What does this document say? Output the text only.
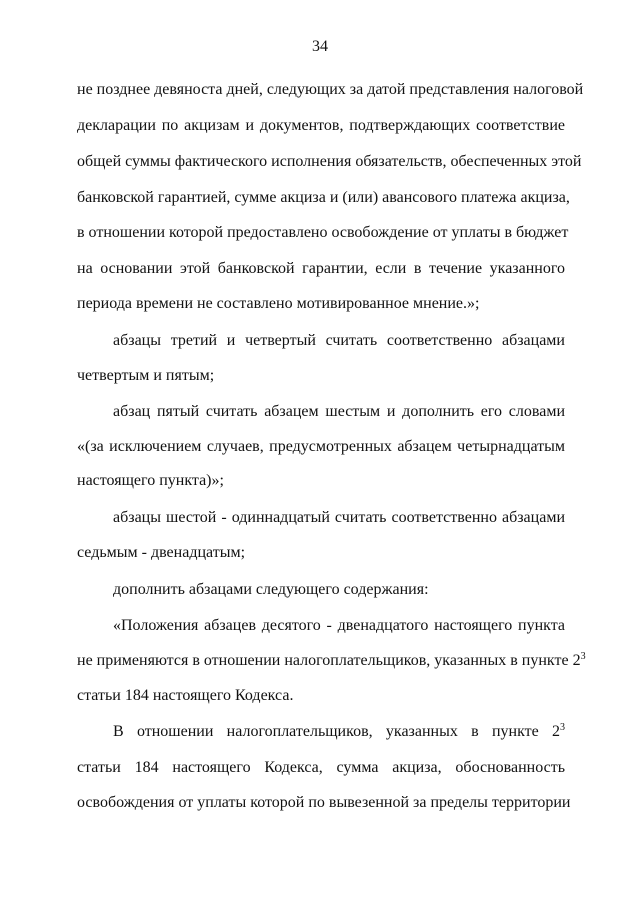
34
не позднее девяноста дней, следующих за датой представления налоговой
декларации по акцизам и документов, подтверждающих соответствие
общей суммы фактического исполнения обязательств, обеспеченных этой
банковской гарантией, сумме акциза и (или) авансового платежа акциза,
в отношении которой предоставлено освобождение от уплаты в бюджет
на основании этой банковской гарантии, если в течение указанного
периода времени не составлено мотивированное мнение.»;
абзацы третий и четвертый считать соответственно абзацами
четвертым и пятым;
абзац пятый считать абзацем шестым и дополнить его словами
«(за исключением случаев, предусмотренных абзацем четырнадцатым
настоящего пункта)»;
абзацы шестой - одиннадцатый считать соответственно абзацами
седьмым - двенадцатым;
дополнить абзацами следующего содержания:
«Положения абзацев десятого - двенадцатого настоящего пункта
не применяются в отношении налогоплательщиков, указанных в пункте $2^3$
статьи 184 настоящего Кодекса.
В отношении налогоплательщиков, указанных в пункте $2^3$
статьи 184 настоящего Кодекса, сумма акциза, обоснованность
освобождения от уплаты которой по вывезенной за пределы территории
